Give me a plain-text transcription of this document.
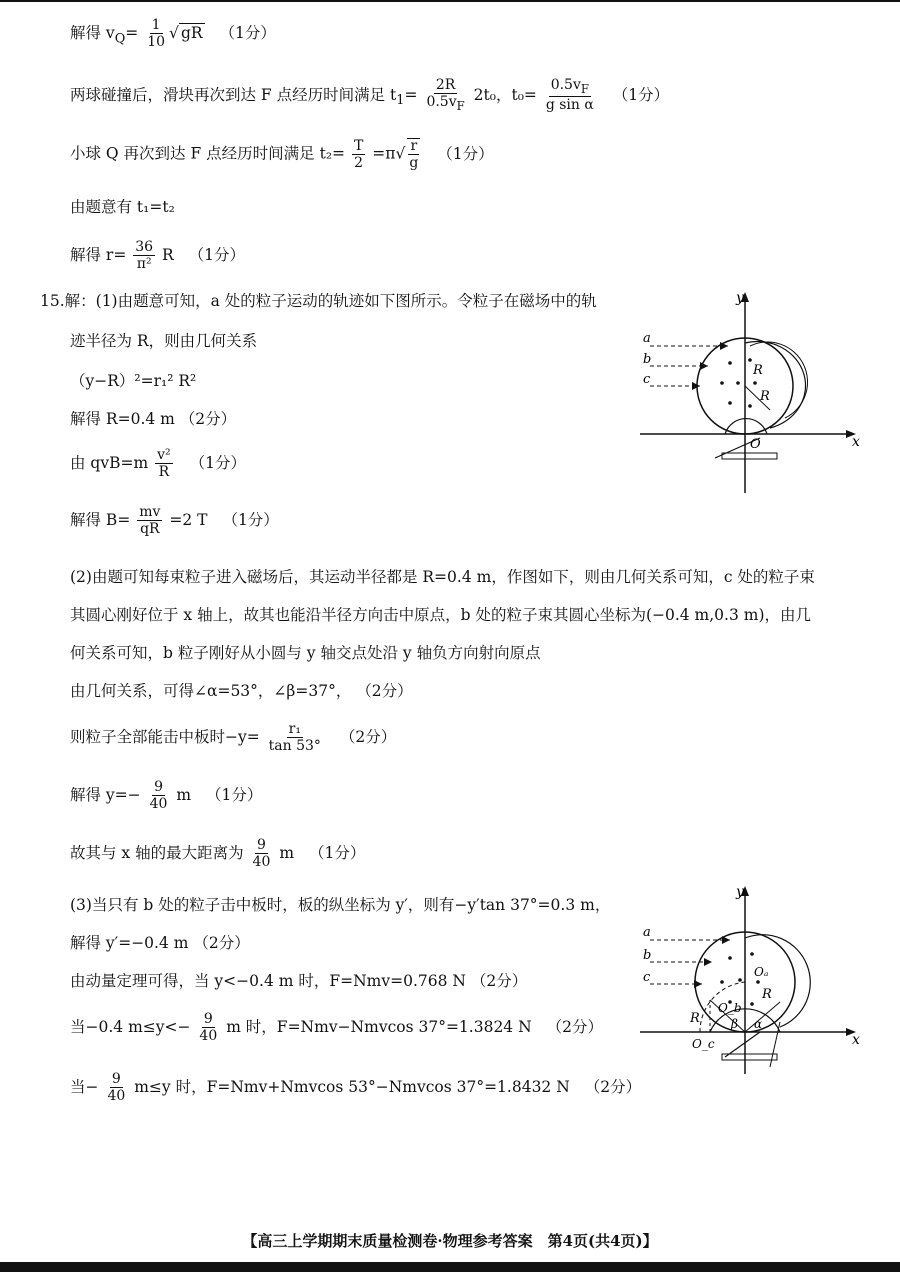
解得 $v_Q= \frac{1}{10}$ √ gR （1分）
两球碰撞后，滑块再次到达 F 点经历时间满足 $t_1= \frac{2R}{0.5v_F} 2t_0$，$t_0= \frac{0.5v_F}{\text{g sin α}} (1$分）
小球 Q 再次到达 F 点经历时间满足 $t_2= \frac{T}{2} =\pi√ \frac{r}{g} (1$分）
由题意有 t₁=t₂
解得 $r= \frac{36}{\text{π²}}$ R （1分）
15.解：(1)由题意可知，a 处的粒子运动的轨迹如下图所示。令粒子在磁场中的轨
迹半径为 R，则由几何关系
（y−R）²=r₁² R²
解得 R=0.4 m （2分）
由 $qvB=m \frac{\text{v²}}{R} (1$分）
解得 $B= \frac{mv}{qR} =2$ T （1分）
y
x
O
a
b
c
R
R
(2)由题可知每束粒子进入磁场后，其运动半径都是 R=0.4 m，作图如下，则由几何关系可知，c 处的粒子束
其圆心刚好位于 x 轴上，故其也能沿半径方向击中原点，b 处的粒子束其圆心坐标为(−0.4 m,0.3 m)，由几
何关系可知，b 粒子刚好从小圆与 y 轴交点处沿 y 轴负方向射向原点
由几何关系，可得∠α=53°，∠β=37°， （2分）
则粒子全部能击中板时$-y= \frac{\text{r₁}}{\tan 53^\circ} (2$分）
解得 $y=- \frac{9}{40}$ m （1分）
故其与 x 轴的最大距离为 $\frac{9}{40}$ m （1分）
(3)当只有 b 处的粒子击中板时，板的纵坐标为 y′，则有−y′tan 37°=0.3 m，
解得 y′=−0.4 m （2分）
由动量定理可得，当 y<−0.4 m 时，F=Nmv=0.768 N （2分）
当−0.4 $m\le y<- \frac{9}{40}$ m 时，F=Nmv−Nmvcos 37°=1.3824 N （2分）
当− $\frac{9}{40} m\le y$ 时，F=Nmv+Nmvcos 53°−Nmvcos 37°=1.8432 N （2分）
y
x
a
b
c	Oₐ
O_b
O_c
R
R
β α
【高三上学期期末质量检测卷·物理参考答案　第4页(共4页)】
